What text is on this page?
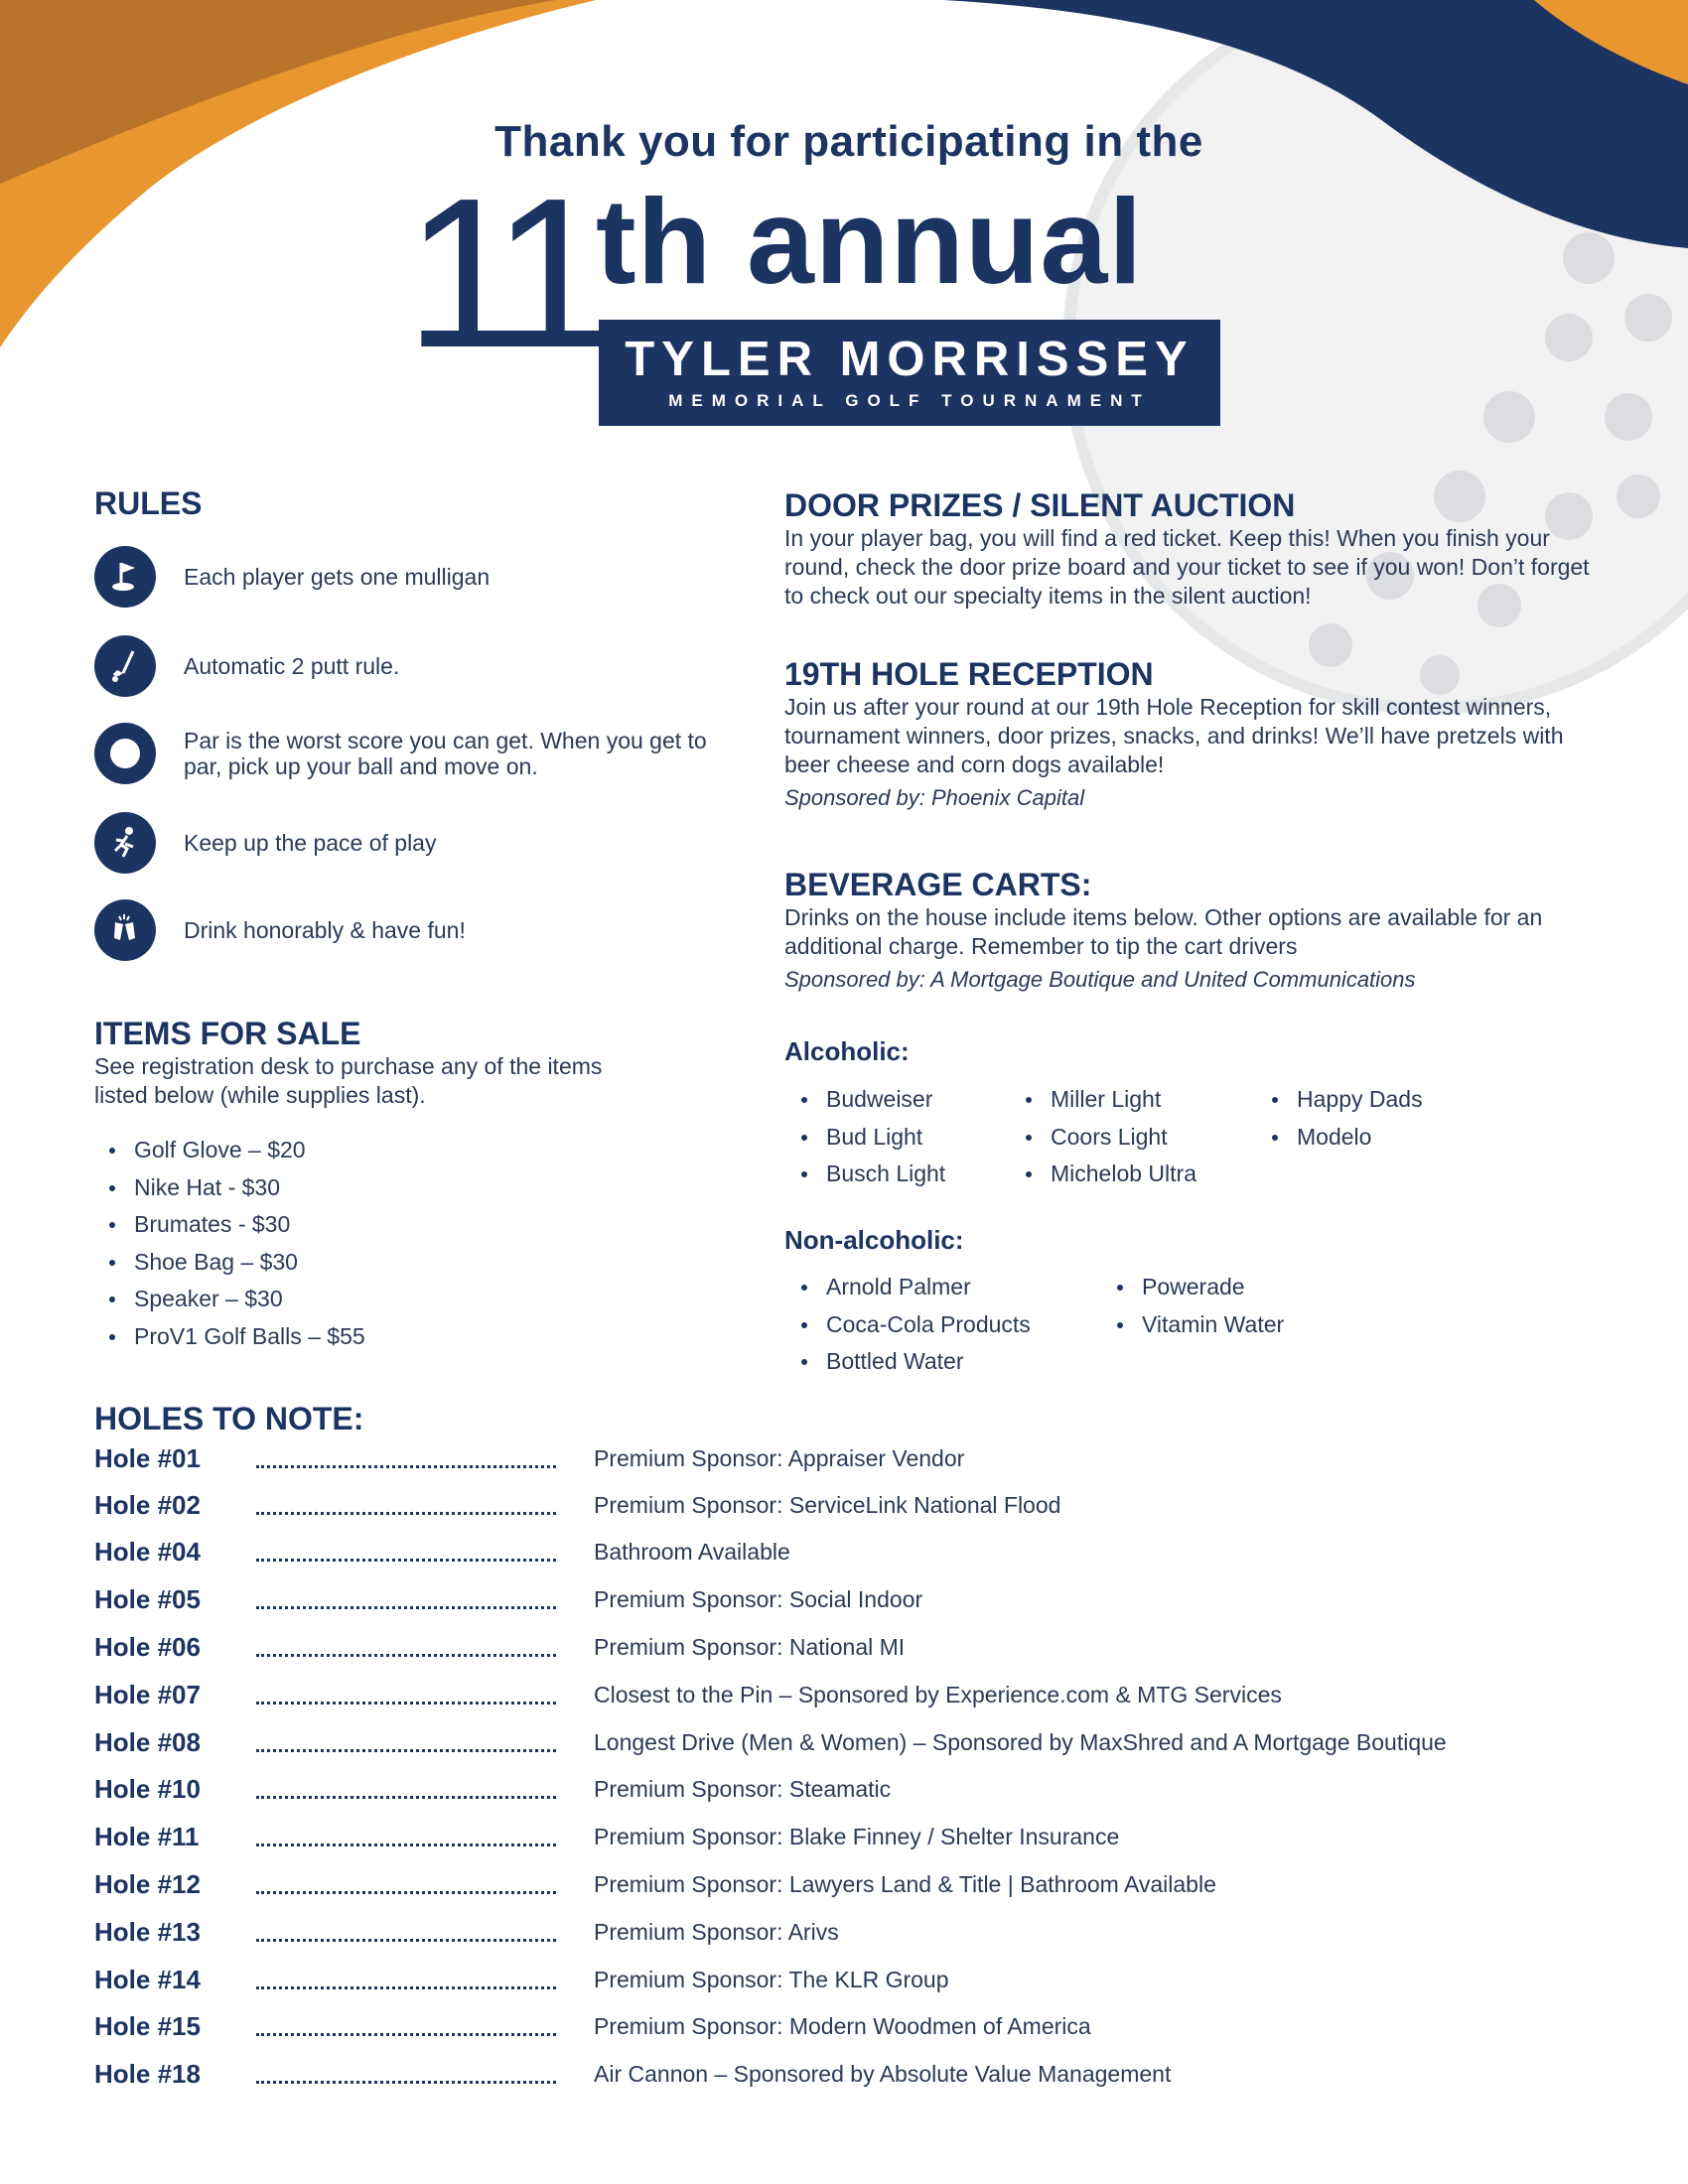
Thank you for participating in the
11 th annual
TYLER MORRISSEY
MEMORIAL GOLF TOURNAMENT
RULES
Each player gets one mulligan
Automatic 2 putt rule.
Par is the worst score you can get. When you get to par, pick up your ball and move on.
Keep up the pace of play
Drink honorably & have fun!
ITEMS FOR SALE
See registration desk to purchase any of the items listed below (while supplies last).
Golf Glove – $20
Nike Hat - $30
Brumates - $30
Shoe Bag – $30
Speaker – $30
ProV1 Golf Balls – $55
DOOR PRIZES / SILENT AUCTION
In your player bag, you will find a red ticket. Keep this! When you finish your round, check the door prize board and your ticket to see if you won! Don’t forget to check out our specialty items in the silent auction!
19TH HOLE RECEPTION
Join us after your round at our 19th Hole Reception for skill contest winners, tournament winners, door prizes, snacks, and drinks! We’ll have pretzels with beer cheese and corn dogs available!
Sponsored by: Phoenix Capital
BEVERAGE CARTS:
Drinks on the house include items below. Other options are available for an additional charge. Remember to tip the cart drivers
Sponsored by: A Mortgage Boutique and United Communications
Alcoholic:
Budweiser
Bud Light
Busch Light
Miller Light
Coors Light
Michelob Ultra
Happy Dads
Modelo
Non-alcoholic:
Arnold Palmer
Coca-Cola Products
Bottled Water
Powerade
Vitamin Water
HOLES TO NOTE:
Hole #01	Premium Sponsor: Appraiser Vendor
Hole #02	Premium Sponsor: ServiceLink National Flood
Hole #04	Bathroom Available
Hole #05	Premium Sponsor: Social Indoor
Hole #06	Premium Sponsor: National MI
Hole #07	Closest to the Pin – Sponsored by Experience.com & MTG Services
Hole #08	Longest Drive (Men & Women) – Sponsored by MaxShred and A Mortgage Boutique
Hole #10	Premium Sponsor: Steamatic
Hole #11	Premium Sponsor: Blake Finney / Shelter Insurance
Hole #12	Premium Sponsor: Lawyers Land & Title | Bathroom Available
Hole #13	Premium Sponsor: Arivs
Hole #14	Premium Sponsor: The KLR Group
Hole #15	Premium Sponsor: Modern Woodmen of America
Hole #18	Air Cannon – Sponsored by Absolute Value Management
